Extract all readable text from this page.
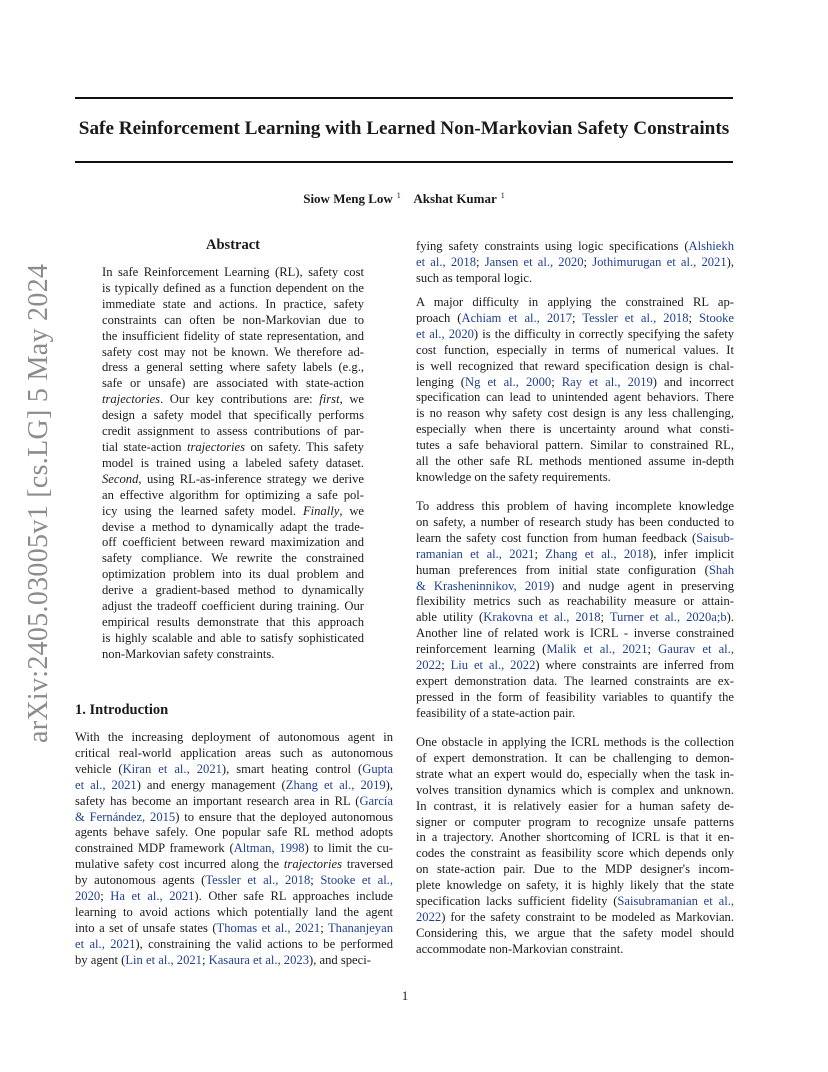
Safe Reinforcement Learning with Learned Non-Markovian Safety Constraints
Siow Meng Low $^1$ Akshat Kumar $^1$
arXiv:2405.03005v1 [cs.LG] 5 May 2024
Abstract

In safe Reinforcement Learning (RL), safety cost
is typically defined as a function dependent on the
immediate state and actions. In practice, safety
constraints can often be non-Markovian due to
the insufficient fidelity of state representation, and
safety cost may not be known. We therefore ad-
dress a general setting where safety labels (e.g.,
safe or unsafe) are associated with state-action
trajectories. Our key contributions are: first, we
design a safety model that specifically performs
credit assignment to assess contributions of par-
tial state-action trajectories on safety. This safety
model is trained using a labeled safety dataset.
Second, using RL-as-inference strategy we derive
an effective algorithm for optimizing a safe pol-
icy using the learned safety model. Finally, we
devise a method to dynamically adapt the trade-
off coefficient between reward maximization and
safety compliance. We rewrite the constrained
optimization problem into its dual problem and
derive a gradient-based method to dynamically
adjust the tradeoff coefficient during training. Our
empirical results demonstrate that this approach
is highly scalable and able to satisfy sophisticated
non-Markovian safety constraints.

1. Introduction

With the increasing deployment of autonomous agent in
critical real-world application areas such as autonomous
vehicle (Kiran et al., 2021), smart heating control (Gupta
et al., 2021) and energy management (Zhang et al., 2019),
safety has become an important research area in RL (García
& Fernández, 2015) to ensure that the deployed autonomous
agents behave safely. One popular safe RL method adopts
constrained MDP framework (Altman, 1998) to limit the cu-
mulative safety cost incurred along the trajectories traversed
by autonomous agents (Tessler et al., 2018; Stooke et al.,
2020; Ha et al., 2021). Other safe RL approaches include
learning to avoid actions which potentially land the agent
into a set of unsafe states (Thomas et al., 2021; Thananjeyan
et al., 2021), constraining the valid actions to be performed
by agent (Lin et al., 2021; Kasaura et al., 2023), and speci-

fying safety constraints using logic specifications (Alshiekh
et al., 2018; Jansen et al., 2020; Jothimurugan et al., 2021),
such as temporal logic.

A major difficulty in applying the constrained RL ap-
proach (Achiam et al., 2017; Tessler et al., 2018; Stooke
et al., 2020) is the difficulty in correctly specifying the safety
cost function, especially in terms of numerical values. It
is well recognized that reward specification design is chal-
lenging (Ng et al., 2000; Ray et al., 2019) and incorrect
specification can lead to unintended agent behaviors. There
is no reason why safety cost design is any less challenging,
especially when there is uncertainty around what consti-
tutes a safe behavioral pattern. Similar to constrained RL,
all the other safe RL methods mentioned assume in-depth
knowledge on the safety requirements.

To address this problem of having incomplete knowledge
on safety, a number of research study has been conducted to
learn the safety cost function from human feedback (Saisub-
ramanian et al., 2021; Zhang et al., 2018), infer implicit
human preferences from initial state configuration (Shah
& Krasheninnikov, 2019) and nudge agent in preserving
flexibility metrics such as reachability measure or attain-
able utility (Krakovna et al., 2018; Turner et al., 2020a;b).
Another line of related work is ICRL - inverse constrained
reinforcement learning (Malik et al., 2021; Gaurav et al.,
2022; Liu et al., 2022) where constraints are inferred from
expert demonstration data. The learned constraints are ex-
pressed in the form of feasibility variables to quantify the
feasibility of a state-action pair.

One obstacle in applying the ICRL methods is the collection
of expert demonstration. It can be challenging to demon-
strate what an expert would do, especially when the task in-
volves transition dynamics which is complex and unknown.
In contrast, it is relatively easier for a human safety de-
signer or computer program to recognize unsafe patterns
in a trajectory. Another shortcoming of ICRL is that it en-
codes the constraint as feasibility score which depends only
on state-action pair. Due to the MDP designer's incom-
plete knowledge on safety, it is highly likely that the state
specification lacks sufficient fidelity (Saisubramanian et al.,
2022) for the safety constraint to be modeled as Markovian.
Considering this, we argue that the safety model should
accommodate non-Markovian constraint.

1
